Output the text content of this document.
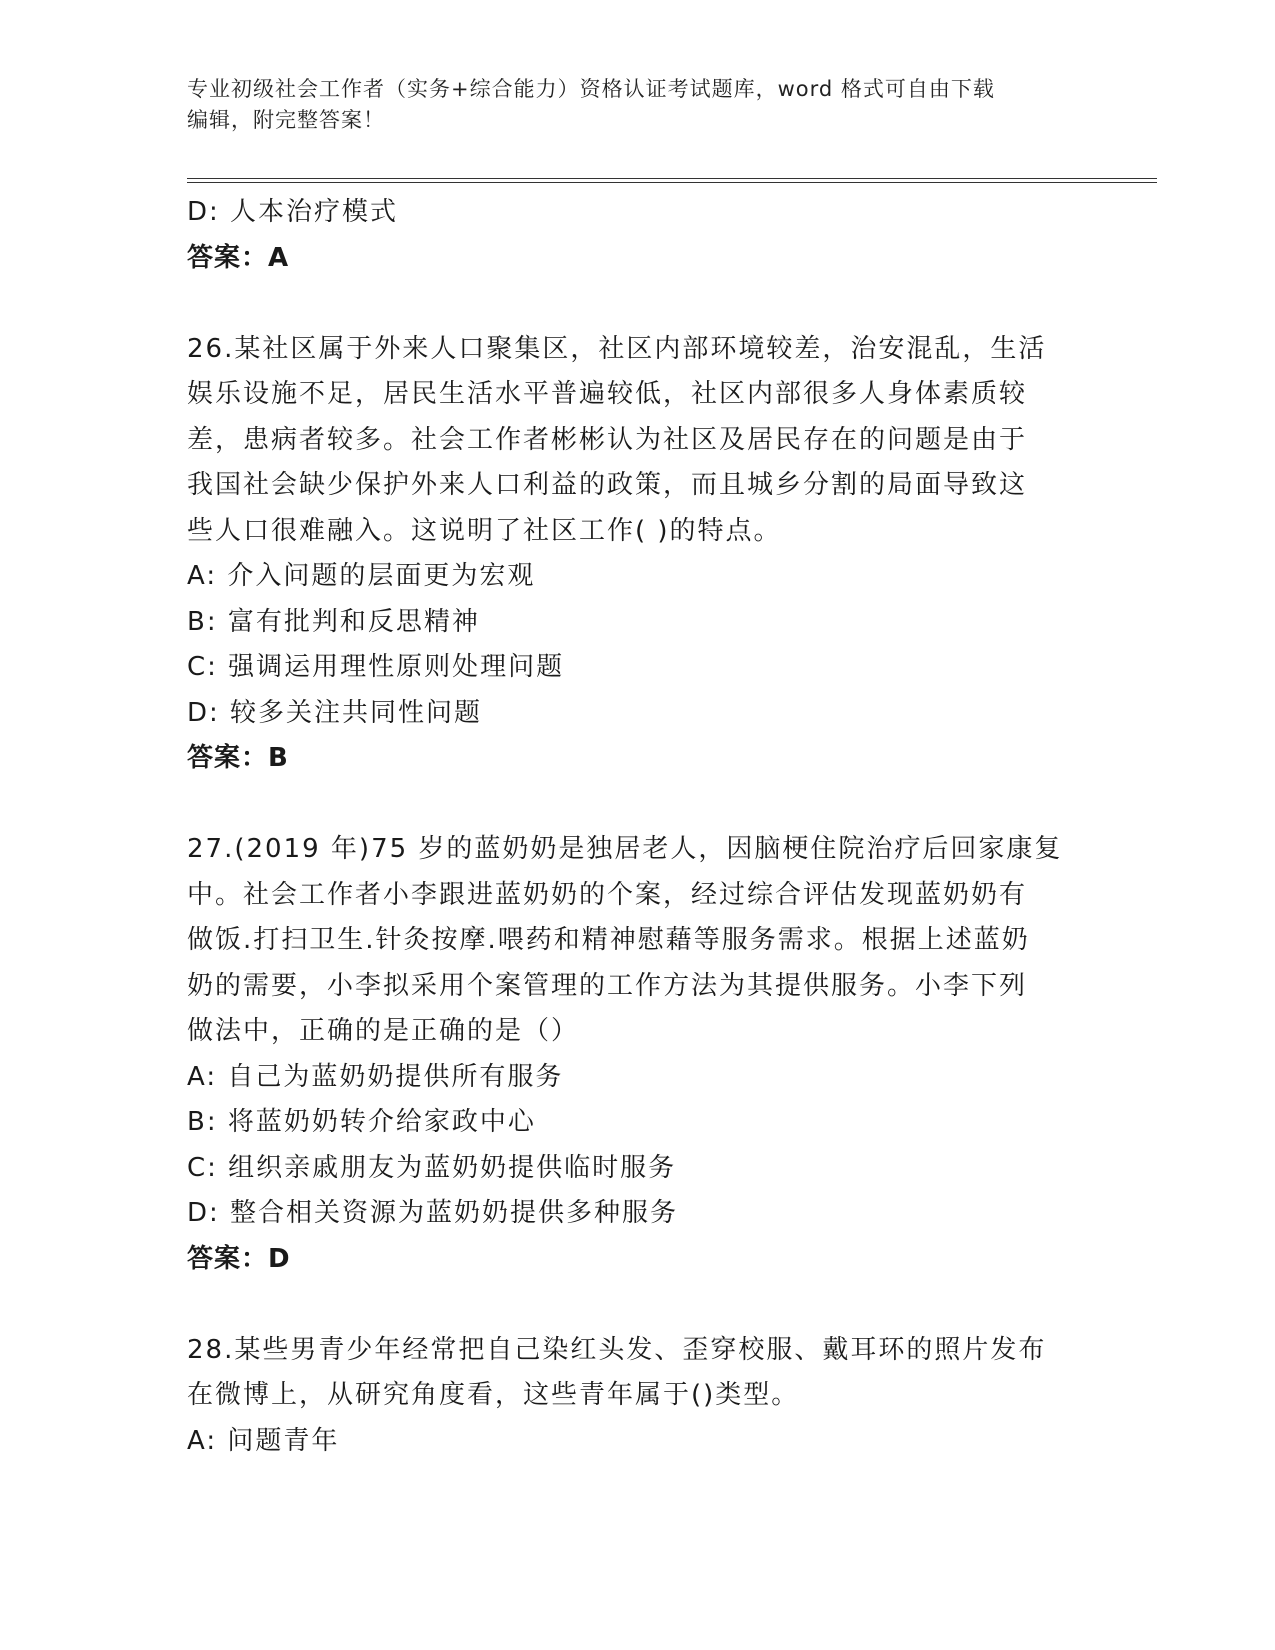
专业初级社会工作者（实务+综合能力）资格认证考试题库，word 格式可自由下载
编辑，附完整答案！
D: 人本治疗模式
答案：A
26.某社区属于外来人口聚集区，社区内部环境较差，治安混乱，生活
娱乐设施不足，居民生活水平普遍较低，社区内部很多人身体素质较
差，患病者较多。社会工作者彬彬认为社区及居民存在的问题是由于
我国社会缺少保护外来人口利益的政策，而且城乡分割的局面导致这
些人口很难融入。这说明了社区工作( )的特点。
A: 介入问题的层面更为宏观
B: 富有批判和反思精神
C: 强调运用理性原则处理问题
D: 较多关注共同性问题
答案：B
27.(2019 年)75 岁的蓝奶奶是独居老人，因脑梗住院治疗后回家康复
中。社会工作者小李跟进蓝奶奶的个案，经过综合评估发现蓝奶奶有
做饭.打扫卫生.针灸按摩.喂药和精神慰藉等服务需求。根据上述蓝奶
奶的需要，小李拟采用个案管理的工作方法为其提供服务。小李下列
做法中，正确的是正确的是（）
A: 自己为蓝奶奶提供所有服务
B: 将蓝奶奶转介给家政中心
C: 组织亲戚朋友为蓝奶奶提供临时服务
D: 整合相关资源为蓝奶奶提供多种服务
答案：D
28.某些男青少年经常把自己染红头发、歪穿校服、戴耳环的照片发布
在微博上，从研究角度看，这些青年属于()类型。
A: 问题青年
